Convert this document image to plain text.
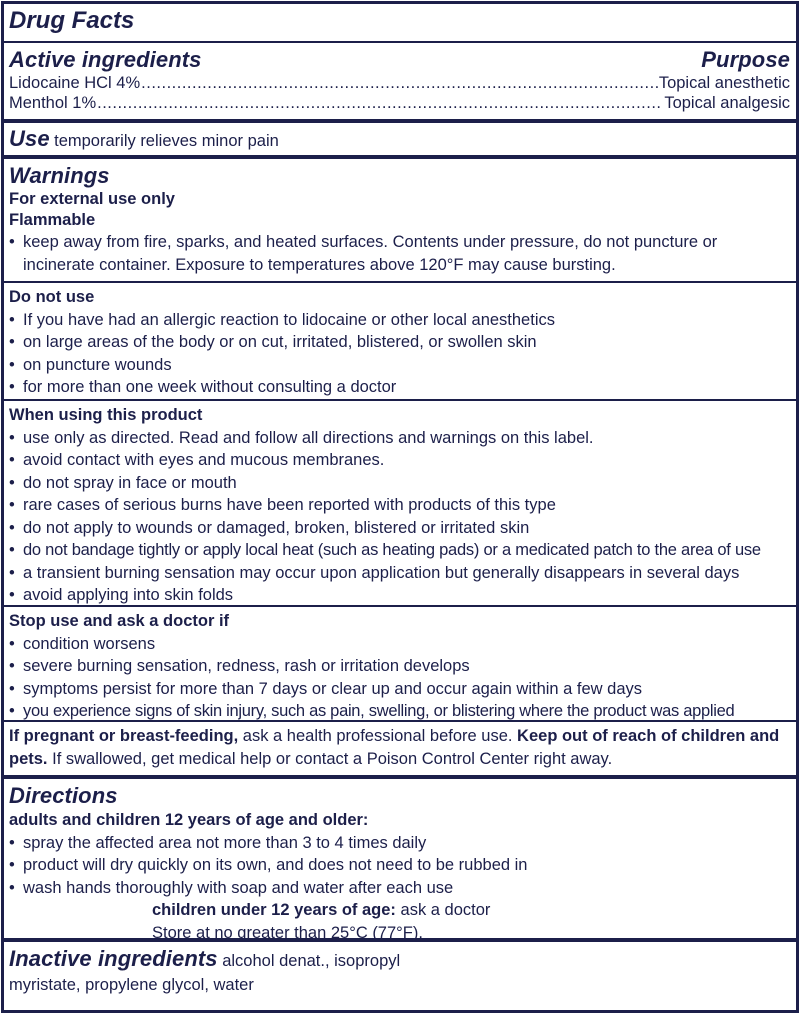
Drug Facts
Active ingredients	Purpose
Lidocaine HCl 4% .....	Topical anesthetic
Menthol 1% .....	Topical analgesic
Use temporarily relieves minor pain
Warnings
For external use only
Flammable
• keep away from fire, sparks, and heated surfaces. Contents under pressure, do not puncture or incinerate container. Exposure to temperatures above 120°F may cause bursting.
Do not use
• If you have had an allergic reaction to lidocaine or other local anesthetics
• on large areas of the body or on cut, irritated, blistered, or swollen skin
• on puncture wounds
• for more than one week without consulting a doctor
When using this product
• use only as directed. Read and follow all directions and warnings on this label.
• avoid contact with eyes and mucous membranes.
• do not spray in face or mouth
• rare cases of serious burns have been reported with products of this type
• do not apply to wounds or damaged, broken, blistered or irritated skin
• do not bandage tightly or apply local heat (such as heating pads) or a medicated patch to the area of use
• a transient burning sensation may occur upon application but generally disappears in several days
• avoid applying into skin folds
Stop use and ask a doctor if
• condition worsens
• severe burning sensation, redness, rash or irritation develops
• symptoms persist for more than 7 days or clear up and occur again within a few days
• you experience signs of skin injury, such as pain, swelling, or blistering where the product was applied
If pregnant or breast-feeding, ask a health professional before use. Keep out of reach of children and pets. If swallowed, get medical help or contact a Poison Control Center right away.
Directions
adults and children 12 years of age and older:
• spray the affected area not more than 3 to 4 times daily
• product will dry quickly on its own, and does not need to be rubbed in
• wash hands thoroughly with soap and water after each use
children under 12 years of age: ask a doctor
Store at no greater than 25°C (77°F).
Inactive ingredients alcohol denat., isopropyl myristate, propylene glycol, water
